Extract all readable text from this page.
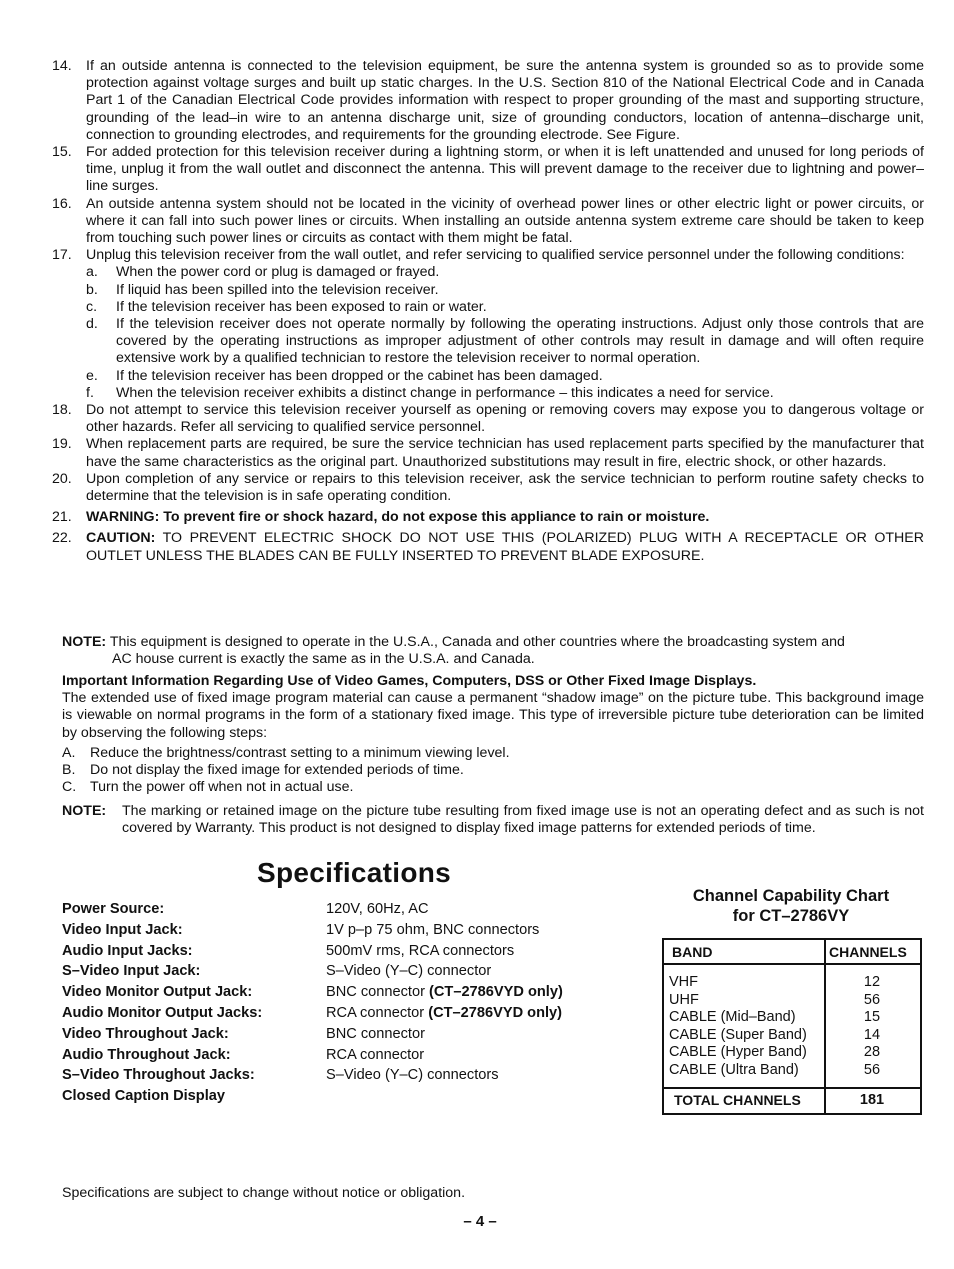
14. If an outside antenna is connected to the television equipment, be sure the antenna system is grounded so as to provide some protection against voltage surges and built up static charges. In the U.S. Section 810 of the National Electrical Code and in Canada Part 1 of the Canadian Electrical Code provides information with respect to proper grounding of the mast and supporting structure, grounding of the lead–in wire to an antenna discharge unit, size of grounding conductors, location of antenna–discharge unit, connection to grounding electrodes, and requirements for the grounding electrode. See Figure.
15. For added protection for this television receiver during a lightning storm, or when it is left unattended and unused for long periods of time, unplug it from the wall outlet and disconnect the antenna. This will prevent damage to the receiver due to lightning and power–line surges.
16. An outside antenna system should not be located in the vicinity of overhead power lines or other electric light or power circuits, or where it can fall into such power lines or circuits. When installing an outside antenna system extreme care should be taken to keep from touching such power lines or circuits as contact with them might be fatal.
17. Unplug this television receiver from the wall outlet, and refer servicing to qualified service personnel under the following conditions:
a. When the power cord or plug is damaged or frayed.
b. If liquid has been spilled into the television receiver.
c. If the television receiver has been exposed to rain or water.
d. If the television receiver does not operate normally by following the operating instructions. Adjust only those controls that are covered by the operating instructions as improper adjustment of other controls may result in damage and will often require extensive work by a qualified technician to restore the television receiver to normal operation.
e. If the television receiver has been dropped or the cabinet has been damaged.
f. When the television receiver exhibits a distinct change in performance – this indicates a need for service.
18. Do not attempt to service this television receiver yourself as opening or removing covers may expose you to dangerous voltage or other hazards. Refer all servicing to qualified service personnel.
19. When replacement parts are required, be sure the service technician has used replacement parts specified by the manufacturer that have the same characteristics as the original part. Unauthorized substitutions may result in fire, electric shock, or other hazards.
20. Upon completion of any service or repairs to this television receiver, ask the service technician to perform routine safety checks to determine that the television is in safe operating condition.
21. WARNING: To prevent fire or shock hazard, do not expose this appliance to rain or moisture.
22. CAUTION: TO PREVENT ELECTRIC SHOCK DO NOT USE THIS (POLARIZED) PLUG WITH A RECEPTACLE OR OTHER OUTLET UNLESS THE BLADES CAN BE FULLY INSERTED TO PREVENT BLADE EXPOSURE.
NOTE: This equipment is designed to operate in the U.S.A., Canada and other countries where the broadcasting system and
AC house current is exactly the same as in the U.S.A. and Canada.
Important Information Regarding Use of Video Games, Computers, DSS or Other Fixed Image Displays.
The extended use of fixed image program material can cause a permanent “shadow image” on the picture tube. This background image is viewable on normal programs in the form of a stationary fixed image. This type of irreversible picture tube deterioration can be limited by observing the following steps:
A. Reduce the brightness/contrast setting to a minimum viewing level.
B. Do not display the fixed image for extended periods of time.
C. Turn the power off when not in actual use.
NOTE:	The marking or retained image on the picture tube resulting from fixed image use is not an operating defect and as such is not covered by Warranty. This product is not designed to display fixed image patterns for extended periods of time.
Specifications
Power Source:	120V, 60Hz, AC
Video Input Jack:	1V p–p 75 ohm, BNC connectors
Audio Input Jacks:	500mV rms, RCA connectors
S–Video Input Jack:	S–Video (Y–C) connector
Video Monitor Output Jack:	BNC connector (CT–2786VYD only)
Audio Monitor Output Jacks:	RCA connector (CT–2786VYD only)
Video Throughout Jack:	BNC connector
Audio Throughout Jack:	RCA connector
S–Video Throughout Jacks:	S–Video (Y–C) connectors
Closed Caption Display
Channel Capability Chart
for CT–2786VY
BAND	CHANNELS
VHF	12
UHF	56
CABLE (Mid–Band)	15
CABLE (Super Band)	14
CABLE (Hyper Band)	28
CABLE (Ultra Band)	56
TOTAL CHANNELS	181
Specifications are subject to change without notice or obligation.
– 4 –
